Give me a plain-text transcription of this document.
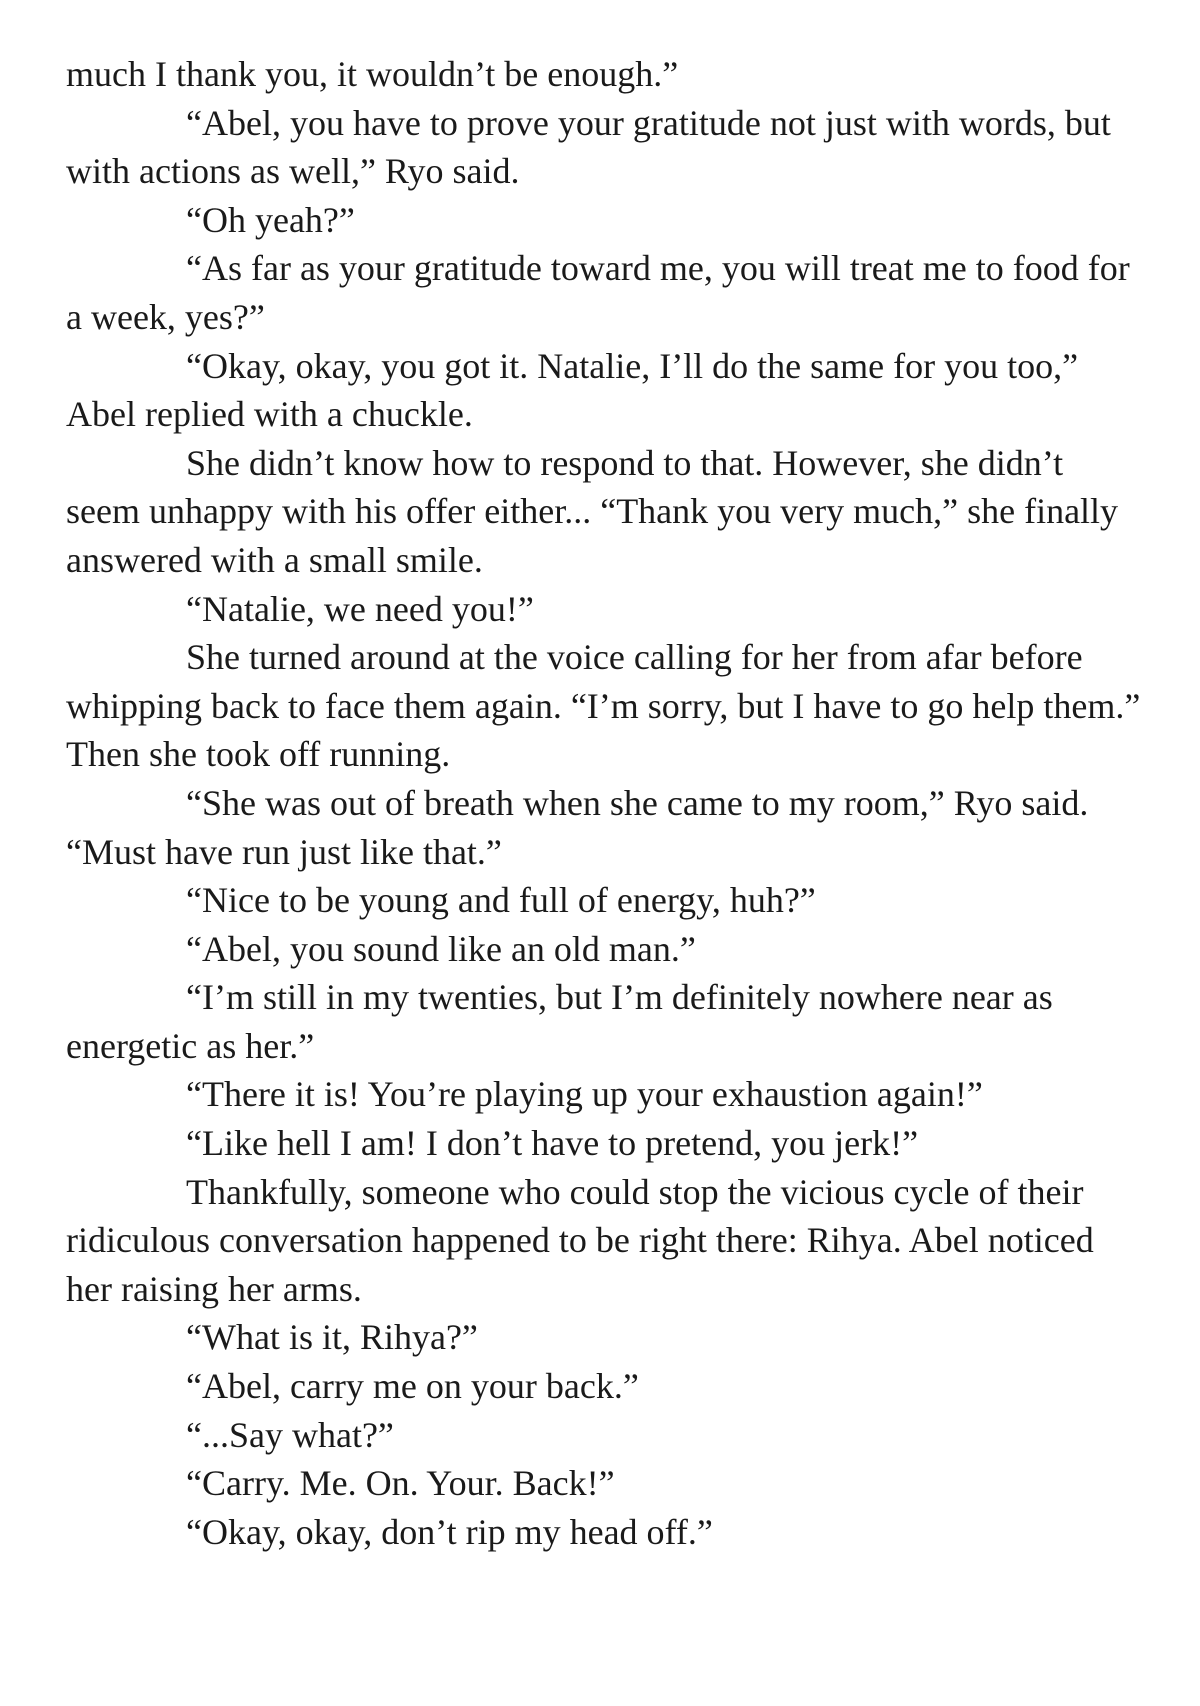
much I thank you, it wouldn’t be enough.”

“Abel, you have to prove your gratitude not just with words, but with actions as well,” Ryo said.

“Oh yeah?”

“As far as your gratitude toward me, you will treat me to food for a week, yes?”

“Okay, okay, you got it. Natalie, I’ll do the same for you too,” Abel replied with a chuckle.

She didn’t know how to respond to that. However, she didn’t seem unhappy with his offer either... “Thank you very much,” she finally answered with a small smile.

“Natalie, we need you!”

She turned around at the voice calling for her from afar before whipping back to face them again. “I’m sorry, but I have to go help them.” Then she took off running.

“She was out of breath when she came to my room,” Ryo said. “Must have run just like that.”

“Nice to be young and full of energy, huh?”

“Abel, you sound like an old man.”

“I’m still in my twenties, but I’m definitely nowhere near as energetic as her.”

“There it is! You’re playing up your exhaustion again!”

“Like hell I am! I don’t have to pretend, you jerk!”

Thankfully, someone who could stop the vicious cycle of their ridiculous conversation happened to be right there: Rihya. Abel noticed her raising her arms.

“What is it, Rihya?”

“Abel, carry me on your back.”

“...Say what?”

“Carry. Me. On. Your. Back!”

“Okay, okay, don’t rip my head off.”
